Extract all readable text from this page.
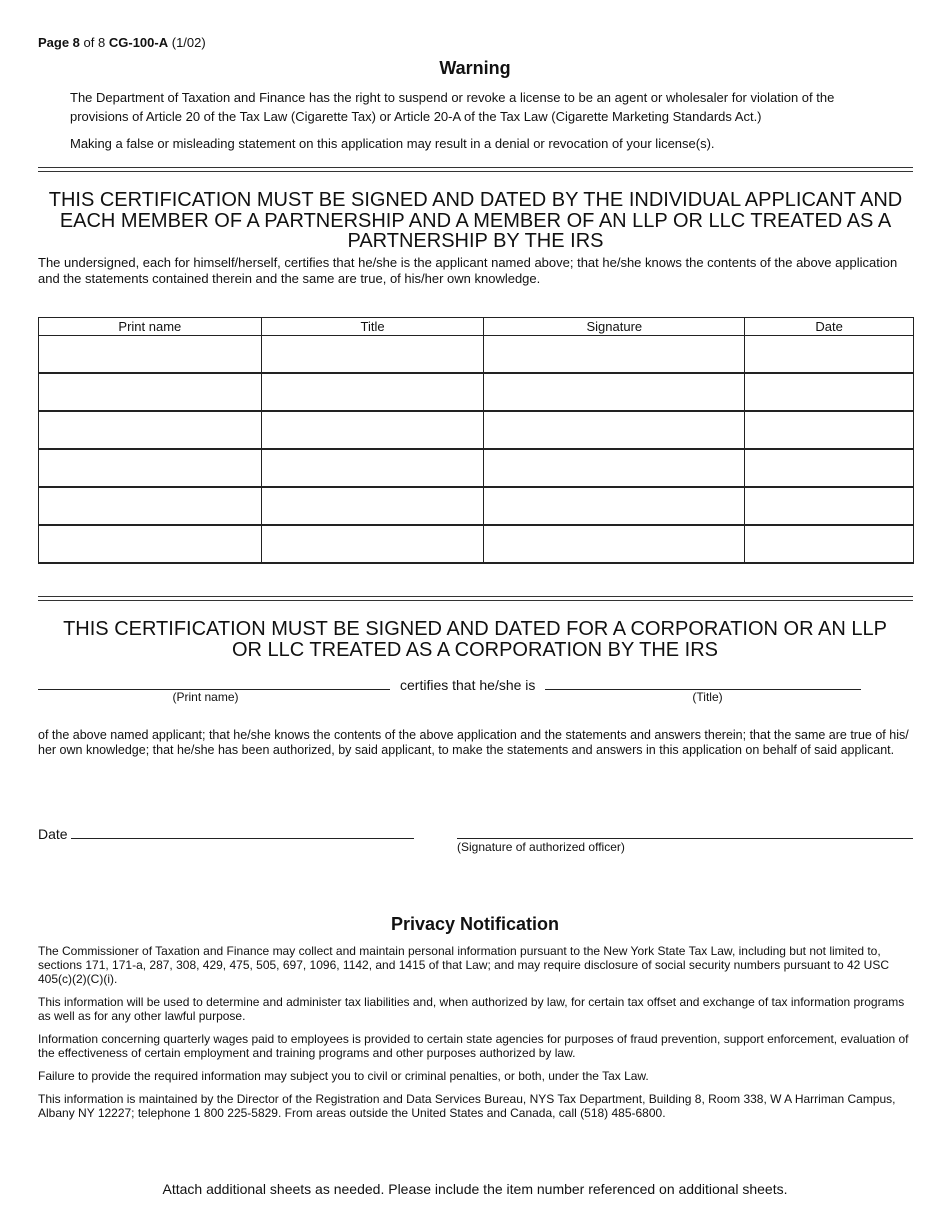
Page 8 of 8 CG-100-A (1/02)
Warning

The Department of Taxation and Finance has the right to suspend or revoke a license to be an agent or wholesaler for violation of the provisions of Article 20 of the Tax Law (Cigarette Tax) or Article 20-A of the Tax Law (Cigarette Marketing Standards Act.)

Making a false or misleading statement on this application may result in a denial or revocation of your license(s).

THIS CERTIFICATION MUST BE SIGNED AND DATED BY THE INDIVIDUAL APPLICANT AND EACH MEMBER OF A PARTNERSHIP AND A MEMBER OF AN LLP OR LLC TREATED AS A PARTNERSHIP BY THE IRS
The undersigned, each for himself/herself, certifies that he/she is the applicant named above; that he/she knows the contents of the above application and the statements contained therein and the same are true, of his/her own knowledge.
Print name	Title	Signature	Date

THIS CERTIFICATION MUST BE SIGNED AND DATED FOR A CORPORATION OR AN LLP OR LLC TREATED AS A CORPORATION BY THE IRS
certifies that he/she is
(Print name)	(Title)
of the above named applicant; that he/she knows the contents of the above application and the statements and answers therein; that the same are true of his/ her own knowledge; that he/she has been authorized, by said applicant, to make the statements and answers in this application on behalf of said applicant.
Date
(Signature of authorized officer)
Privacy Notification

The Commissioner of Taxation and Finance may collect and maintain personal information pursuant to the New York State Tax Law, including but not limited to, sections 171, 171-a, 287, 308, 429, 475, 505, 697, 1096, 1142, and 1415 of that Law; and may require disclosure of social security numbers pursuant to 42 USC 405(c)(2)(C)(i).

This information will be used to determine and administer tax liabilities and, when authorized by law, for certain tax offset and exchange of tax information programs as well as for any other lawful purpose.

Information concerning quarterly wages paid to employees is provided to certain state agencies for purposes of fraud prevention, support enforcement, evaluation of the effectiveness of certain employment and training programs and other purposes authorized by law.

Failure to provide the required information may subject you to civil or criminal penalties, or both, under the Tax Law.

This information is maintained by the Director of the Registration and Data Services Bureau, NYS Tax Department, Building 8, Room 338, W A Harriman Campus, Albany NY 12227; telephone 1 800 225-5829. From areas outside the United States and Canada, call (518) 485-6800.

Attach additional sheets as needed. Please include the item number referenced on additional sheets.
